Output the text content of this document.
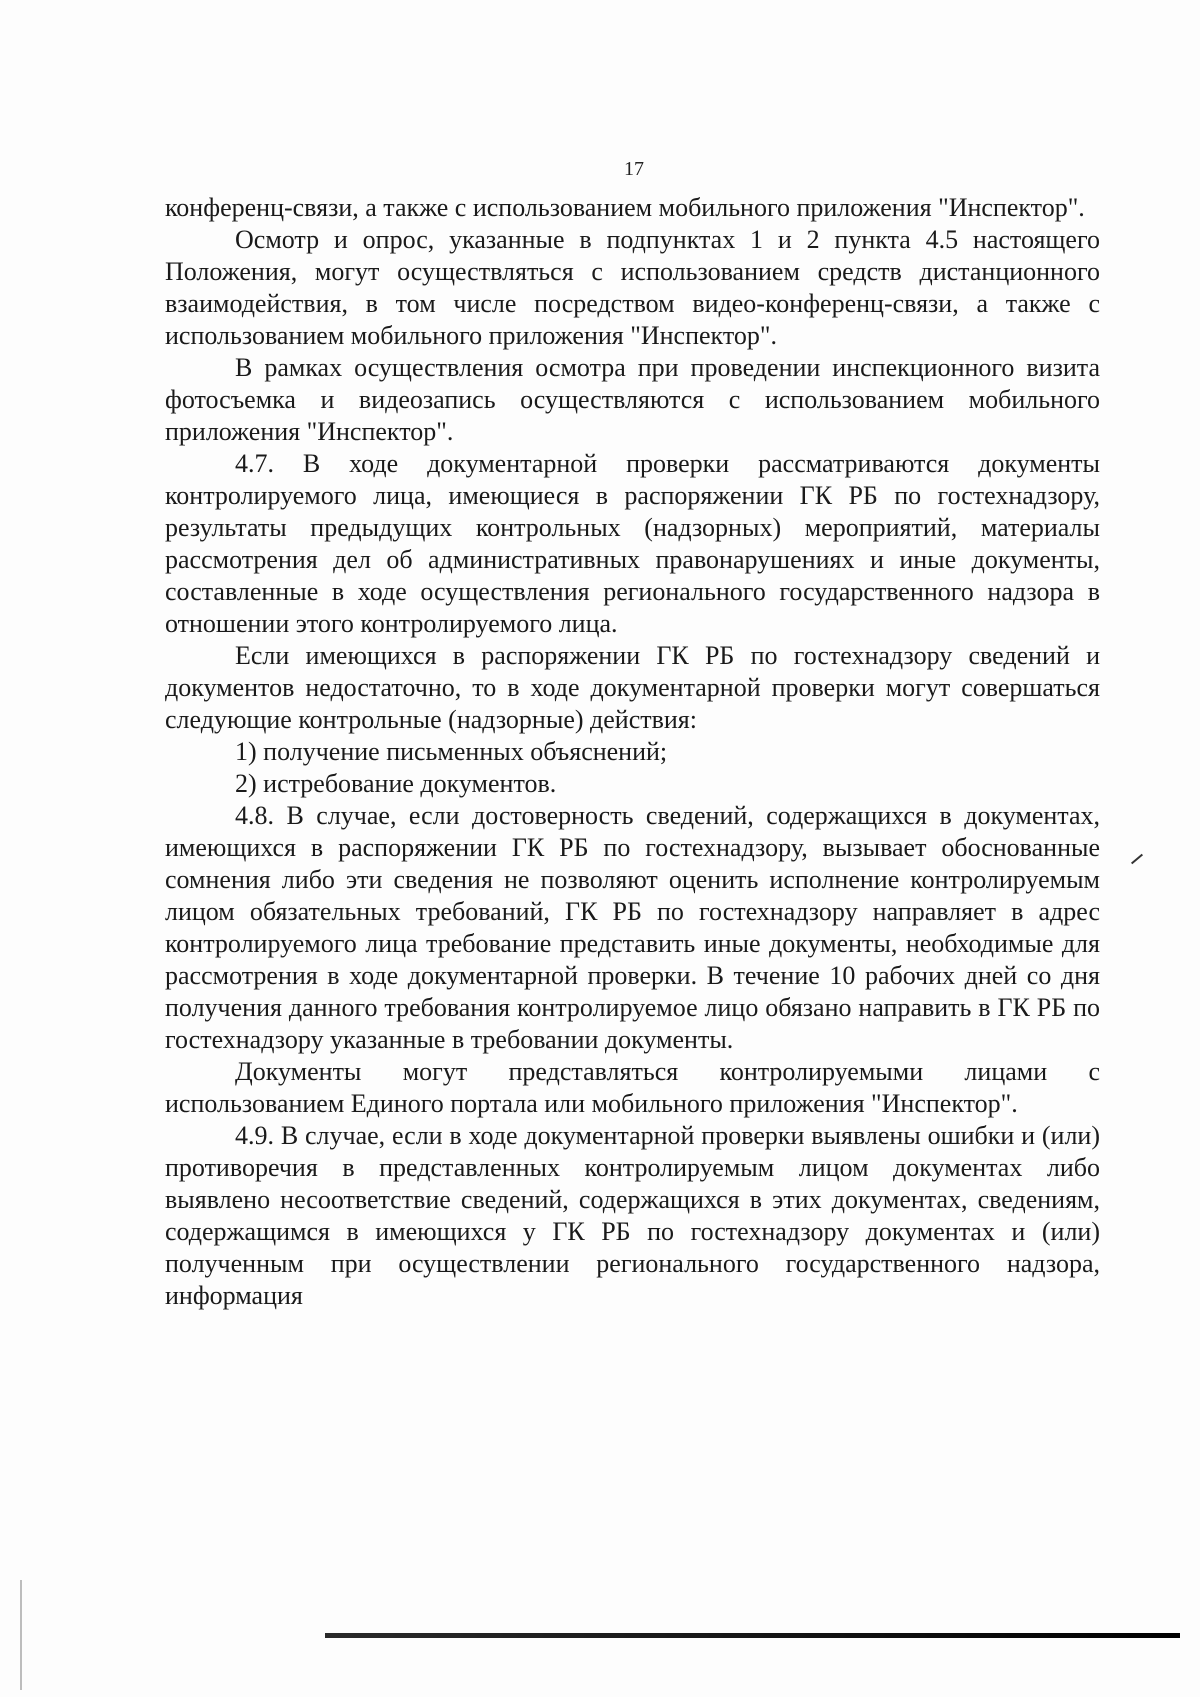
17

конференц-связи, а также с использованием мобильного приложения "Инспектор".

Осмотр и опрос, указанные в подпунктах 1 и 2 пункта 4.5 настоящего Положения, могут осуществляться с использованием средств дистанционного взаимодействия, в том числе посредством видео-конференц-связи, а также с использованием мобильного приложения "Инспектор".

В рамках осуществления осмотра при проведении инспекционного визита фотосъемка и видеозапись осуществляются с использованием мобильного приложения "Инспектор".

4.7. В ходе документарной проверки рассматриваются документы контролируемого лица, имеющиеся в распоряжении ГК РБ по гостехнадзору, результаты предыдущих контрольных (надзорных) мероприятий, материалы рассмотрения дел об административных правонарушениях и иные документы, составленные в ходе осуществления регионального государственного надзора в отношении этого контролируемого лица.

Если имеющихся в распоряжении ГК РБ по гостехнадзору сведений и документов недостаточно, то в ходе документарной проверки могут совершаться следующие контрольные (надзорные) действия:

1) получение письменных объяснений;

2) истребование документов.

4.8. В случае, если достоверность сведений, содержащихся в документах, имеющихся в распоряжении ГК РБ по гостехнадзору, вызывает обоснованные сомнения либо эти сведения не позволяют оценить исполнение контролируемым лицом обязательных требований, ГК РБ по гостехнадзору направляет в адрес контролируемого лица требование представить иные документы, необходимые для рассмотрения в ходе документарной проверки. В течение 10 рабочих дней со дня получения данного требования контролируемое лицо обязано направить в ГК РБ по гостехнадзору указанные в требовании документы.

Документы могут представляться контролируемыми лицами с использованием Единого портала или мобильного приложения "Инспектор".

4.9. В случае, если в ходе документарной проверки выявлены ошибки и (или) противоречия в представленных контролируемым лицом документах либо выявлено несоответствие сведений, содержащихся в этих документах, сведениям, содержащимся в имеющихся у ГК РБ по гостехнадзору документах и (или) полученным при осуществлении регионального государственного надзора, информация
